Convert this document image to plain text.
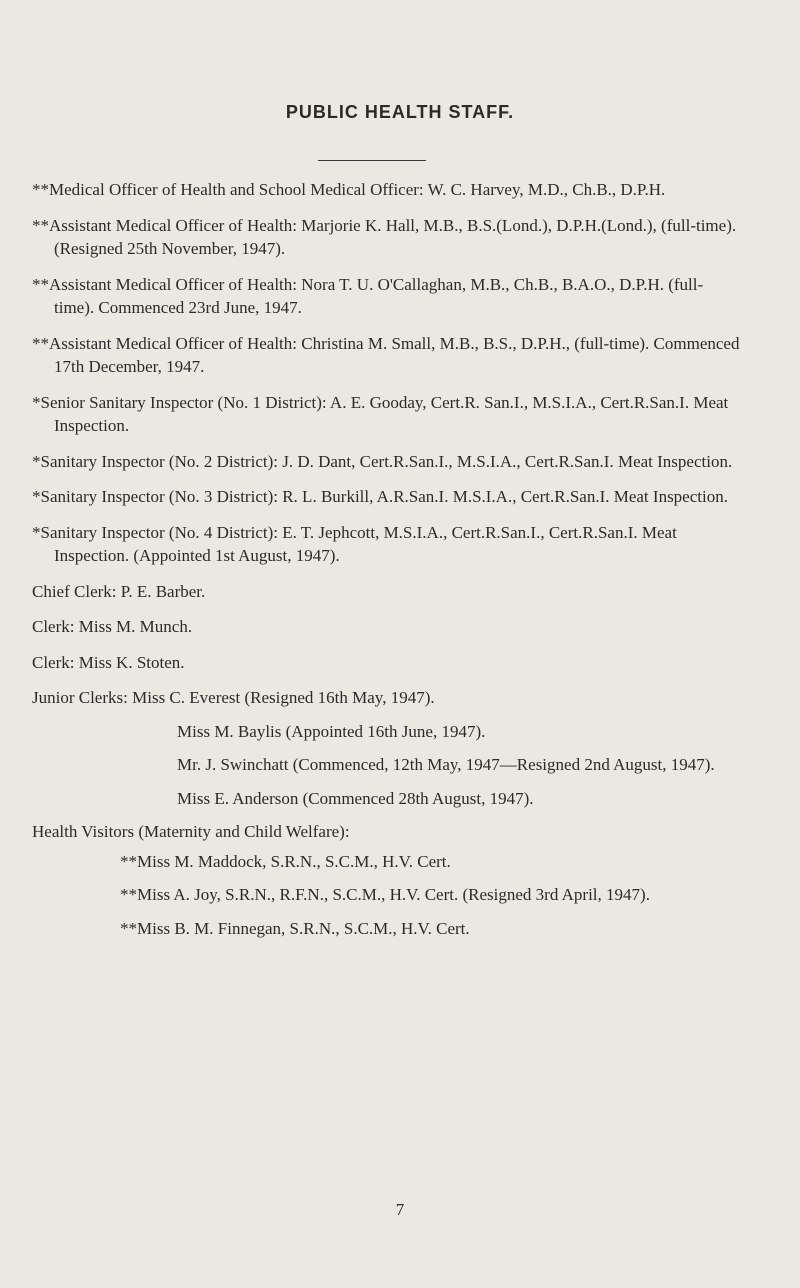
PUBLIC HEALTH STAFF.

**Medical Officer of Health and School Medical Officer: W. C. Harvey, M.D., Ch.B., D.P.H.

**Assistant Medical Officer of Health: Marjorie K. Hall, M.B., B.S.(Lond.), D.P.H.(Lond.), (full-time). (Resigned 25th November, 1947).

**Assistant Medical Officer of Health: Nora T. U. O'Callaghan, M.B., Ch.B., B.A.O., D.P.H. (full-time). Commenced 23rd June, 1947.

**Assistant Medical Officer of Health: Christina M. Small, M.B., B.S., D.P.H., (full-time). Commenced 17th December, 1947.

*Senior Sanitary Inspector (No. 1 District): A. E. Gooday, Cert.R. San.I., M.S.I.A., Cert.R.San.I. Meat Inspection.

*Sanitary Inspector (No. 2 District): J. D. Dant, Cert.R.San.I., M.S.I.A., Cert.R.San.I. Meat Inspection.

*Sanitary Inspector (No. 3 District): R. L. Burkill, A.R.San.I. M.S.I.A., Cert.R.San.I. Meat Inspection.

*Sanitary Inspector (No. 4 District): E. T. Jephcott, M.S.I.A., Cert.R.San.I., Cert.R.San.I. Meat Inspection. (Appointed 1st August, 1947).

Chief Clerk: P. E. Barber.

Clerk: Miss M. Munch.

Clerk: Miss K. Stoten.

Junior Clerks: Miss C. Everest (Resigned 16th May, 1947).
Miss M. Baylis (Appointed 16th June, 1947).
Mr. J. Swinchatt (Commenced, 12th May, 1947—Resigned 2nd August, 1947).
Miss E. Anderson (Commenced 28th August, 1947).
Health Visitors (Maternity and Child Welfare):
**Miss M. Maddock, S.R.N., S.C.M., H.V. Cert.
**Miss A. Joy, S.R.N., R.F.N., S.C.M., H.V. Cert. (Resigned 3rd April, 1947).
**Miss B. M. Finnegan, S.R.N., S.C.M., H.V. Cert.
7
